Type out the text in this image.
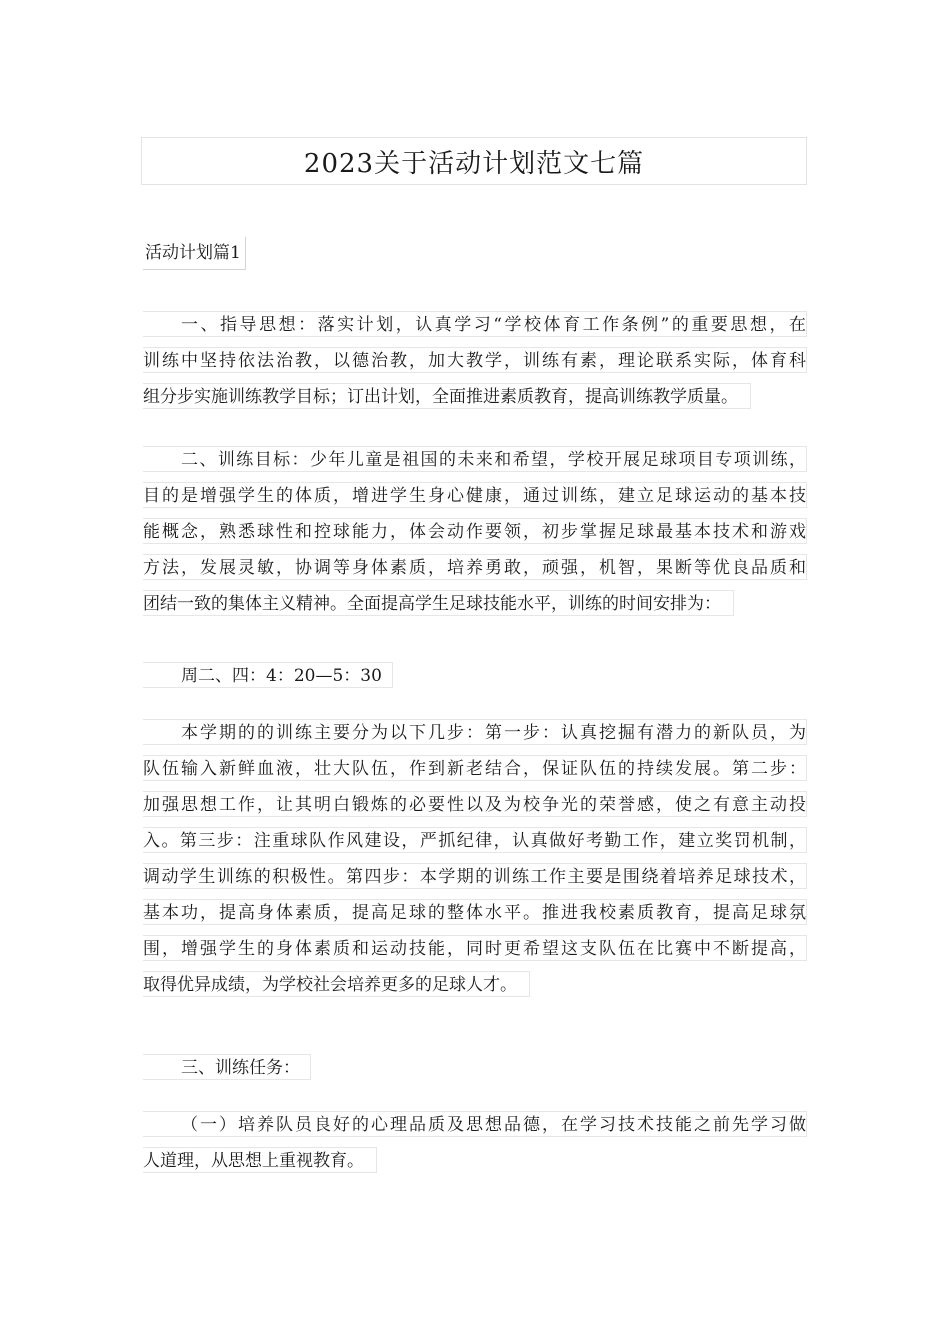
2023关于活动计划范文七篇
活动计划篇1
一、指导思想：落实计划，认真学习“学校体育工作条例”的重要思想，在
训练中坚持依法治教，以德治教，加大教学，训练有素，理论联系实际，体育科
组分步实施训练教学目标；订出计划，全面推进素质教育，提高训练教学质量。
二、训练目标：少年儿童是祖国的未来和希望，学校开展足球项目专项训练，
目的是增强学生的体质，增进学生身心健康，通过训练，建立足球运动的基本技
能概念，熟悉球性和控球能力，体会动作要领，初步掌握足球最基本技术和游戏
方法，发展灵敏，协调等身体素质，培养勇敢，顽强，机智，果断等优良品质和
团结一致的集体主义精神。全面提高学生足球技能水平，训练的时间安排为：
周二、四：4：20—5：30
本学期的的训练主要分为以下几步：第一步：认真挖掘有潜力的新队员，为
队伍输入新鲜血液，壮大队伍，作到新老结合，保证队伍的持续发展。第二步：
加强思想工作，让其明白锻炼的必要性以及为校争光的荣誉感，使之有意主动投
入。第三步：注重球队作风建设，严抓纪律，认真做好考勤工作，建立奖罚机制，
调动学生训练的积极性。第四步：本学期的训练工作主要是围绕着培养足球技术，
基本功，提高身体素质，提高足球的整体水平。推进我校素质教育，提高足球氛
围，增强学生的身体素质和运动技能，同时更希望这支队伍在比赛中不断提高，
取得优异成绩，为学校社会培养更多的足球人才。
三、训练任务：
（一）培养队员良好的心理品质及思想品德，在学习技术技能之前先学习做
人道理，从思想上重视教育。
